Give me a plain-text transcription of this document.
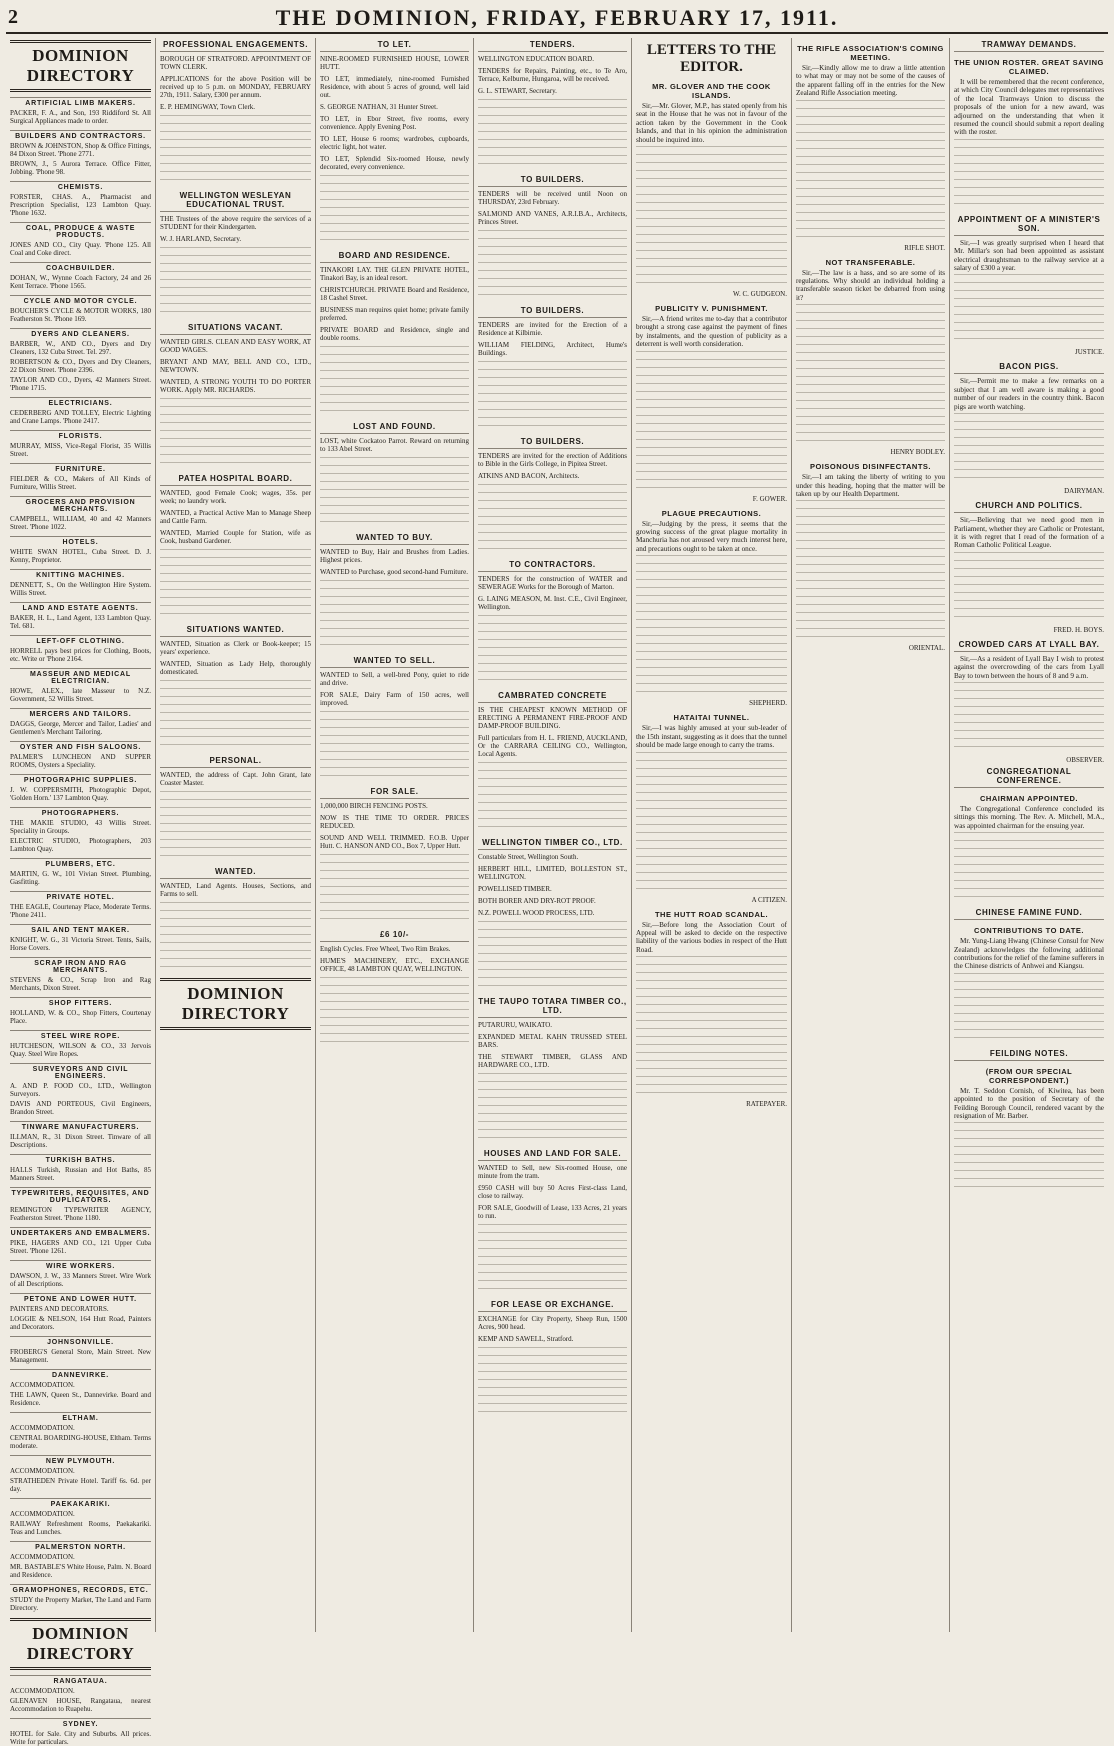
2	THE DOMINION, FRIDAY, FEBRUARY 17, 1911.
DOMINION DIRECTORY
ARTIFICIAL LIMB MAKERS.
PACKER, F. A., and Son, 193 Riddiford St. All Surgical Appliances made to order.
BUILDERS AND CONTRACTORS.
BROWN & JOHNSTON, Shop & Office Fittings, 84 Dixon Street. 'Phone 2771.
BROWN, J., 5 Aurora Terrace. Office Fitter, Jobbing. 'Phone 98.
CHEMISTS.
FORSTER, CHAS. A., Pharmacist and Prescription Specialist, 123 Lambton Quay. 'Phone 1632.
COAL, PRODUCE & WASTE PRODUCTS.
JONES AND CO., City Quay. 'Phone 125. All Coal and Coke direct.
COACHBUILDER.
DOHAN, W., Wynne Coach Factory, 24 and 26 Kent Terrace. 'Phone 1565.
CYCLE AND MOTOR CYCLE.
BOUCHER'S CYCLE & MOTOR WORKS, 180 Featherston St. 'Phone 169.
DYERS AND CLEANERS.
BARBER, W., AND CO., Dyers and Dry Cleaners, 132 Cuba Street. Tel. 297.
ROBERTSON & CO., Dyers and Dry Cleaners, 22 Dixon Street. 'Phone 2396.
TAYLOR AND CO., Dyers, 42 Manners Street. 'Phone 1715.
ELECTRICIANS.
CEDERBERG AND TOLLEY, Electric Lighting and Crane Lamps. 'Phone 2417.
FLORISTS.
MURRAY, MISS, Vice-Regal Florist, 35 Willis Street.
FURNITURE.
FIELDER & CO., Makers of All Kinds of Furniture, Willis Street.
GROCERS AND PROVISION MERCHANTS.
CAMPBELL, WILLIAM, 40 and 42 Manners Street. 'Phone 1022.
HOTELS.
WHITE SWAN HOTEL, Cuba Street. D. J. Kenny, Proprietor.
KNITTING MACHINES.
DENNETT, S., On the Wellington Hire System. Willis Street.
LAND AND ESTATE AGENTS.
BAKER, H. L., Land Agent, 133 Lambton Quay. Tel. 681.
LEFT-OFF CLOTHING.
HORRELL pays best prices for Clothing, Boots, etc. Write or 'Phone 2164.
MASSEUR AND MEDICAL ELECTRICIAN.
HOWE, ALEX., late Masseur to N.Z. Government, 52 Willis Street.
MERCERS AND TAILORS.
DAGGS, George, Mercer and Tailor, Ladies' and Gentlemen's Merchant Tailoring.
OYSTER AND FISH SALOONS.
PALMER'S LUNCHEON AND SUPPER ROOMS, Oysters a Speciality.
PHOTOGRAPHIC SUPPLIES.
J. W. COPPERSMITH, Photographic Depot, 'Golden Horn.' 137 Lambton Quay.
PHOTOGRAPHERS.
THE MAKIE STUDIO, 43 Willis Street. Speciality in Groups.
ELECTRIC STUDIO, Photographers, 203 Lambton Quay.
PLUMBERS, ETC.
MARTIN, G. W., 101 Vivian Street. Plumbing, Gasfitting.
PRIVATE HOTEL.
THE EAGLE, Courtenay Place, Moderate Terms. 'Phone 2411.
SAIL AND TENT MAKER.
KNIGHT, W. G., 31 Victoria Street. Tents, Sails, Horse Covers.
SCRAP IRON AND RAG MERCHANTS.
STEVENS & CO., Scrap Iron and Rag Merchants, Dixon Street.
SHOP FITTERS.
HOLLAND, W. & CO., Shop Fitters, Courtenay Place.
STEEL WIRE ROPE.
HUTCHESON, WILSON & CO., 33 Jervois Quay. Steel Wire Ropes.
SURVEYORS AND CIVIL ENGINEERS.
A. AND P. FOOD CO., LTD., Wellington Surveyors.
DAVIS AND PORTEOUS, Civil Engineers, Brandon Street.
TINWARE MANUFACTURERS.
ILLMAN, R., 31 Dixon Street. Tinware of all Descriptions.
TURKISH BATHS.
HALLS Turkish, Russian and Hot Baths, 85 Manners Street.
TYPEWRITERS, REQUISITES, AND DUPLICATORS.
REMINGTON TYPEWRITER AGENCY, Featherston Street. 'Phone 1180.
UNDERTAKERS AND EMBALMERS.
PIKE, HAGERS AND CO., 121 Upper Cuba Street. 'Phone 1261.
WIRE WORKERS.
DAWSON, J. W., 33 Manners Street. Wire Work of all Descriptions.
PETONE AND LOWER HUTT.
PAINTERS AND DECORATORS.
LOGGIE & NELSON, 164 Hutt Road, Painters and Decorators.
JOHNSONVILLE.
FROBERG'S General Store, Main Street. New Management.
DANNEVIRKE.
ACCOMMODATION.
THE LAWN, Queen St., Dannevirke. Board and Residence.
ELTHAM.
ACCOMMODATION.
CENTRAL BOARDING-HOUSE, Eltham. Terms moderate.
NEW PLYMOUTH.
ACCOMMODATION.
STRATHEDEN Private Hotel. Tariff 6s. 6d. per day.
PAEKAKARIKI.
ACCOMMODATION.
RAILWAY Refreshment Rooms, Paekakariki. Teas and Lunches.
PALMERSTON NORTH.
ACCOMMODATION.
MR. BASTABLE'S White House, Palm. N. Board and Residence.
GRAMOPHONES, RECORDS, ETC.
STUDY the Property Market, The Land and Farm Directory.
DOMINION DIRECTORY
RANGATAUA.
ACCOMMODATION.
GLENAVEN HOUSE, Rangataua, nearest Accommodation to Ruapehu.
SYDNEY.
HOTEL for Sale. City and Suburbs. All prices. Write for particulars.
PROFESSIONAL ENGAGEMENTS.
BOROUGH OF STRATFORD. APPOINTMENT OF TOWN CLERK.
APPLICATIONS for the above Position will be received up to 5 p.m. on MONDAY, FEBRUARY 27th, 1911. Salary, £300 per annum.
E. P. HEMINGWAY, Town Clerk.
WELLINGTON WESLEYAN EDUCATIONAL TRUST.
THE Trustees of the above require the services of a STUDENT for their Kindergarten.
W. J. HARLAND, Secretary.
SITUATIONS VACANT.
WANTED GIRLS. CLEAN AND EASY WORK, AT GOOD WAGES.
BRYANT AND MAY, BELL AND CO., LTD., NEWTOWN.
WANTED, A STRONG YOUTH TO DO PORTER WORK. Apply MR. RICHARDS.
PATEA HOSPITAL BOARD.
WANTED, good Female Cook; wages, 35s. per week; no laundry work.
WANTED, a Practical Active Man to Manage Sheep and Cattle Farm.
WANTED, Married Couple for Station, wife as Cook, husband Gardener.
SITUATIONS WANTED.
WANTED, Situation as Clerk or Book-keeper; 15 years' experience.
WANTED, Situation as Lady Help, thoroughly domesticated.
PERSONAL.
WANTED, the address of Capt. John Grant, late Coaster Master.
WANTED.
WANTED, Land Agents. Houses, Sections, and Farms to sell.
DOMINION DIRECTORY
TO LET.
NINE-ROOMED FURNISHED HOUSE, LOWER HUTT.
TO LET, immediately, nine-roomed Furnished Residence, with about 5 acres of ground, well laid out.
S. GEORGE NATHAN, 31 Hunter Street.
TO LET, in Ebor Street, five rooms, every convenience. Apply Evening Post.
TO LET, House 6 rooms; wardrobes, cupboards, electric light, hot water.
TO LET, Splendid Six-roomed House, newly decorated, every convenience.
BOARD AND RESIDENCE.
TINAKORI LAY. THE GLEN PRIVATE HOTEL, Tinakori Bay, is an ideal resort.
CHRISTCHURCH. PRIVATE Board and Residence, 18 Cashel Street.
BUSINESS man requires quiet home; private family preferred.
PRIVATE BOARD and Residence, single and double rooms.
LOST AND FOUND.
LOST, white Cockatoo Parrot. Reward on returning to 133 Abel Street.
WANTED TO BUY.
WANTED to Buy, Hair and Brushes from Ladies. Highest prices.
WANTED to Purchase, good second-hand Furniture.
WANTED TO SELL.
WANTED to Sell, a well-bred Pony, quiet to ride and drive.
FOR SALE, Dairy Farm of 150 acres, well improved.
FOR SALE.
1,000,000 BIRCH FENCING POSTS.
NOW IS THE TIME TO ORDER. PRICES REDUCED.
SOUND AND WELL TRIMMED. F.O.B. Upper Hutt. C. HANSON AND CO., Box 7, Upper Hutt.
£6 10/-
English Cycles. Free Wheel, Two Rim Brakes.
HUME'S MACHINERY, ETC., EXCHANGE OFFICE, 48 LAMBTON QUAY, WELLINGTON.
TENDERS.
WELLINGTON EDUCATION BOARD.
TENDERS for Repairs, Painting, etc., to Te Aro, Terrace, Kelburne, Hungaroa, will be received.
G. L. STEWART, Secretary.
TO BUILDERS.
TENDERS will be received until Noon on THURSDAY, 23rd February.
SALMOND AND VANES, A.R.I.B.A., Architects, Princes Street.
TO BUILDERS.
TENDERS are invited for the Erection of a Residence at Kilbirnie.
WILLIAM FIELDING, Architect, Hume's Buildings.
TO BUILDERS.
TENDERS are invited for the erection of Additions to Bible in the Girls College, in Pipitea Street.
ATKINS AND BACON, Architects.
TO CONTRACTORS.
TENDERS for the construction of WATER and SEWERAGE Works for the Borough of Marton.
G. LAING MEASON, M. Inst. C.E., Civil Engineer, Wellington.
CAMBRATED CONCRETE
IS THE CHEAPEST KNOWN METHOD OF ERECTING A PERMANENT FIRE-PROOF AND DAMP-PROOF BUILDING.
Full particulars from H. L. FRIEND, AUCKLAND, Or the CARRARA CEILING CO., Wellington, Local Agents.
WELLINGTON TIMBER CO., LTD.
Constable Street, Wellington South.
HERBERT HILL, LIMITED, BOLLESTON ST., WELLINGTON.
POWELLISED TIMBER.
BOTH BORER AND DRY-ROT PROOF.
N.Z. POWELL WOOD PROCESS, LTD.
THE TAUPO TOTARA TIMBER CO., LTD.
PUTARURU, WAIKATO.
EXPANDED METAL KAHN TRUSSED STEEL BARS.
THE STEWART TIMBER, GLASS AND HARDWARE CO., LTD.
HOUSES AND LAND FOR SALE.
WANTED to Sell, new Six-roomed House, one minute from the tram.
£950 CASH will buy 50 Acres First-class Land, close to railway.
FOR SALE, Goodwill of Lease, 133 Acres, 21 years to run.
FOR LEASE OR EXCHANGE.
EXCHANGE for City Property, Sheep Run, 1500 Acres, 900 head.
KEMP AND SAWELL, Stratford.
LETTERS TO THE EDITOR.
MR. GLOVER AND THE COOK ISLANDS.
Sir,—Mr. Glover, M.P., has stated openly from his seat in the House that he was not in favour of the action taken by the Government in the Cook Islands, and that in his opinion the administration should be inquired into.
W. C. GUDGEON.
PUBLICITY V. PUNISHMENT.
Sir,—A friend writes me to-day that a contributor brought a strong case against the payment of fines by instalments, and the question of publicity as a deterrent is well worth consideration.
F. GOWER.
PLAGUE PRECAUTIONS.
Sir,—Judging by the press, it seems that the growing success of the great plague mortality in Manchuria has not aroused very much interest here, and precautions ought to be taken at once.
SHEPHERD.
HATAITAI TUNNEL.
Sir,—I was highly amused at your sub-leader of the 15th instant, suggesting as it does that the tunnel should be made large enough to carry the trams.
A CITIZEN.
THE HUTT ROAD SCANDAL.
Sir,—Before long the Association Court of Appeal will be asked to decide on the respective liability of the various bodies in respect of the Hutt Road.
RATEPAYER.
THE RIFLE ASSOCIATION'S COMING MEETING.
Sir,—Kindly allow me to draw a little attention to what may or may not be some of the causes of the apparent falling off in the entries for the New Zealand Rifle Association meeting.
RIFLE SHOT.
NOT TRANSFERABLE.
Sir,—The law is a hass, and so are some of its regulations. Why should an individual holding a transferable season ticket be debarred from using it?
HENRY BODLEY.
POISONOUS DISINFECTANTS.
Sir,—I am taking the liberty of writing to you under this heading, hoping that the matter will be taken up by our Health Department.
ORIENTAL.
TRAMWAY DEMANDS.
THE UNION ROSTER. GREAT SAVING CLAIMED.
It will be remembered that the recent conference, at which City Council delegates met representatives of the local Tramways Union to discuss the proposals of the union for a new award, was adjourned on the understanding that when it resumed the council should submit a report dealing with the roster.
APPOINTMENT OF A MINISTER'S SON.
Sir,—I was greatly surprised when I heard that Mr. Millar's son had been appointed as assistant electrical draughtsman to the railway service at a salary of £300 a year.
JUSTICE.
BACON PIGS.
Sir,—Permit me to make a few remarks on a subject that I am well aware is making a good number of our readers in the country think. Bacon pigs are worth watching.
DAIRYMAN.
CHURCH AND POLITICS.
Sir,—Believing that we need good men in Parliament, whether they are Catholic or Protestant, it is with regret that I read of the formation of a Roman Catholic Political League.
FRED. H. BOYS.
CROWDED CARS AT LYALL BAY.
Sir,—As a resident of Lyall Bay I wish to protest against the overcrowding of the cars from Lyall Bay to town between the hours of 8 and 9 a.m.
OBSERVER.
CONGREGATIONAL CONFERENCE.
CHAIRMAN APPOINTED.
The Congregational Conference concluded its sittings this morning. The Rev. A. Mitchell, M.A., was appointed chairman for the ensuing year.
CHINESE FAMINE FUND.
CONTRIBUTIONS TO DATE.
Mr. Yung-Liang Hwang (Chinese Consul for New Zealand) acknowledges the following additional contributions for the relief of the famine sufferers in the Chinese districts of Anhwei and Kiangsu.
FEILDING NOTES.
(FROM OUR SPECIAL CORRESPONDENT.)
Mr. T. Seddon Cornish, of Kiwitea, has been appointed to the position of Secretary of the Feilding Borough Council, rendered vacant by the resignation of Mr. Barber.
